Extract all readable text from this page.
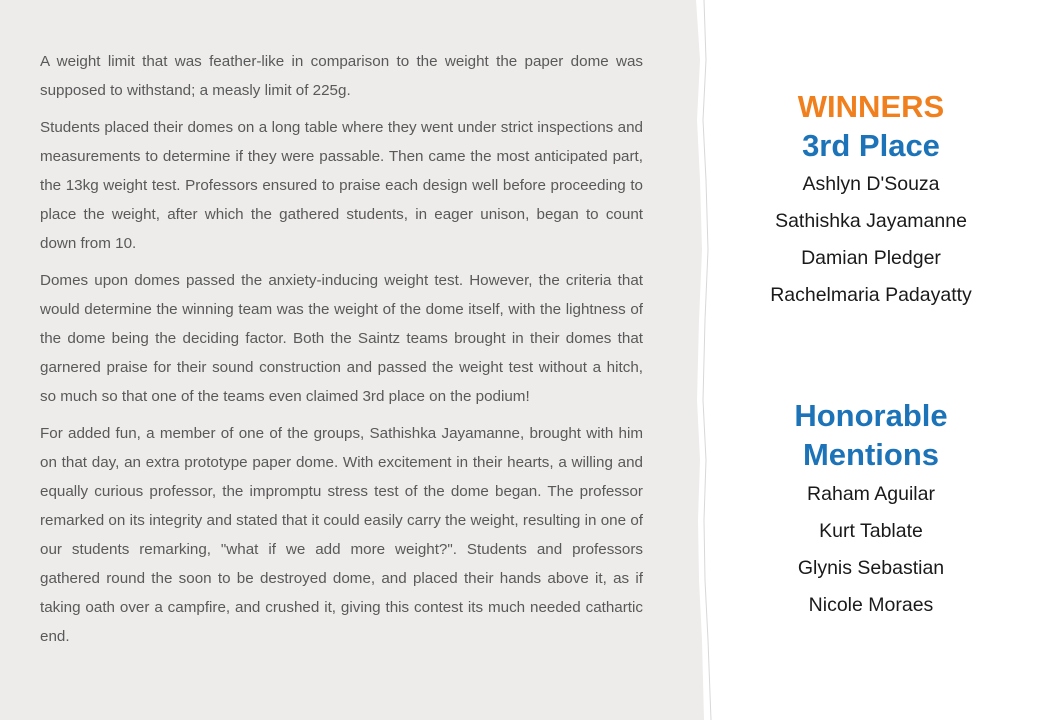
A weight limit that was feather-like in comparison to the weight the paper dome was supposed to withstand; a measly limit of 225g.

Students placed their domes on a long table where they went under strict inspections and measurements to determine if they were passable. Then came the most anticipated part, the 13kg weight test. Professors ensured to praise each design well before proceeding to place the weight, after which the gathered students, in eager unison, began to count down from 10.

Domes upon domes passed the anxiety-inducing weight test. However, the criteria that would determine the winning team was the weight of the dome itself, with the lightness of the dome being the deciding factor. Both the Saintz teams brought in their domes that garnered praise for their sound construction and passed the weight test without a hitch, so much so that one of the teams even claimed 3rd place on the podium!

For added fun, a member of one of the groups, Sathishka Jayamanne, brought with him on that day, an extra prototype paper dome. With excitement in their hearts, a willing and equally curious professor, the impromptu stress test of the dome began. The professor remarked on its integrity and stated that it could easily carry the weight, resulting in one of our students remarking, "what if we add more weight?". Students and professors gathered round the soon to be destroyed dome, and placed their hands above it, as if taking oath over a campfire, and crushed it, giving this contest its much needed cathartic end.

WINNERS
3rd Place
Ashlyn D'Souza
Sathishka Jayamanne
Damian Pledger
Rachelmaria Padayatty
Honorable
Mentions
Raham Aguilar
Kurt Tablate
Glynis Sebastian
Nicole Moraes
